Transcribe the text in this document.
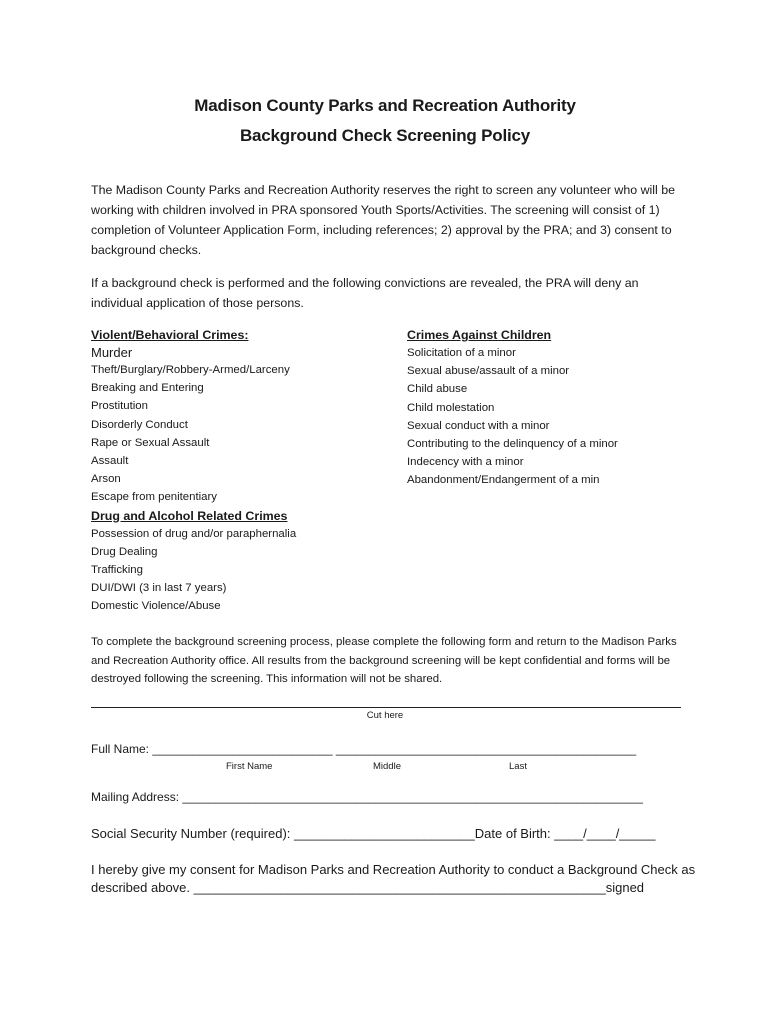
Madison County Parks and Recreation Authority
Background Check Screening Policy

The Madison County Parks and Recreation Authority reserves the right to screen any volunteer who will be working with children involved in PRA sponsored Youth Sports/Activities. The screening will consist of 1) completion of Volunteer Application Form, including references; 2) approval by the PRA; and 3) consent to background checks.

If a background check is performed and the following convictions are revealed, the PRA will deny an individual application of those persons.

Violent/Behavioral Crimes:
Murder
Theft/Burglary/Robbery-Armed/Larceny
Breaking and Entering
Prostitution
Disorderly Conduct
Rape or Sexual Assault
Assault
Arson
Escape from penitentiary
Drug and Alcohol Related Crimes
Possession of drug and/or paraphernalia
Drug Dealing
Trafficking
DUI/DWI (3 in last 7 years)
Domestic Violence/Abuse
Crimes Against Children
Solicitation of a minor
Sexual abuse/assault of a minor
Child abuse
Child molestation
Sexual conduct with a minor
Contributing to the delinquency of a minor
Indecency with a minor
Abandonment/Endangerment of a min

To complete the background screening process, please complete the following form and return to the Madison Parks and Recreation Authority office. All results from the background screening will be kept confidential and forms will be destroyed following the screening. This information will not be shared.

Cut here
Full Name: ___________________________ _____________________________________________
First Name	Middle	Last
Mailing Address: _____________________________________________________________________
Social Security Number (required): _________________________Date of Birth: ____/____/_____
I hereby give my consent for Madison Parks and Recreation Authority to conduct a Background Check as
described above. _________________________________________________________signed
